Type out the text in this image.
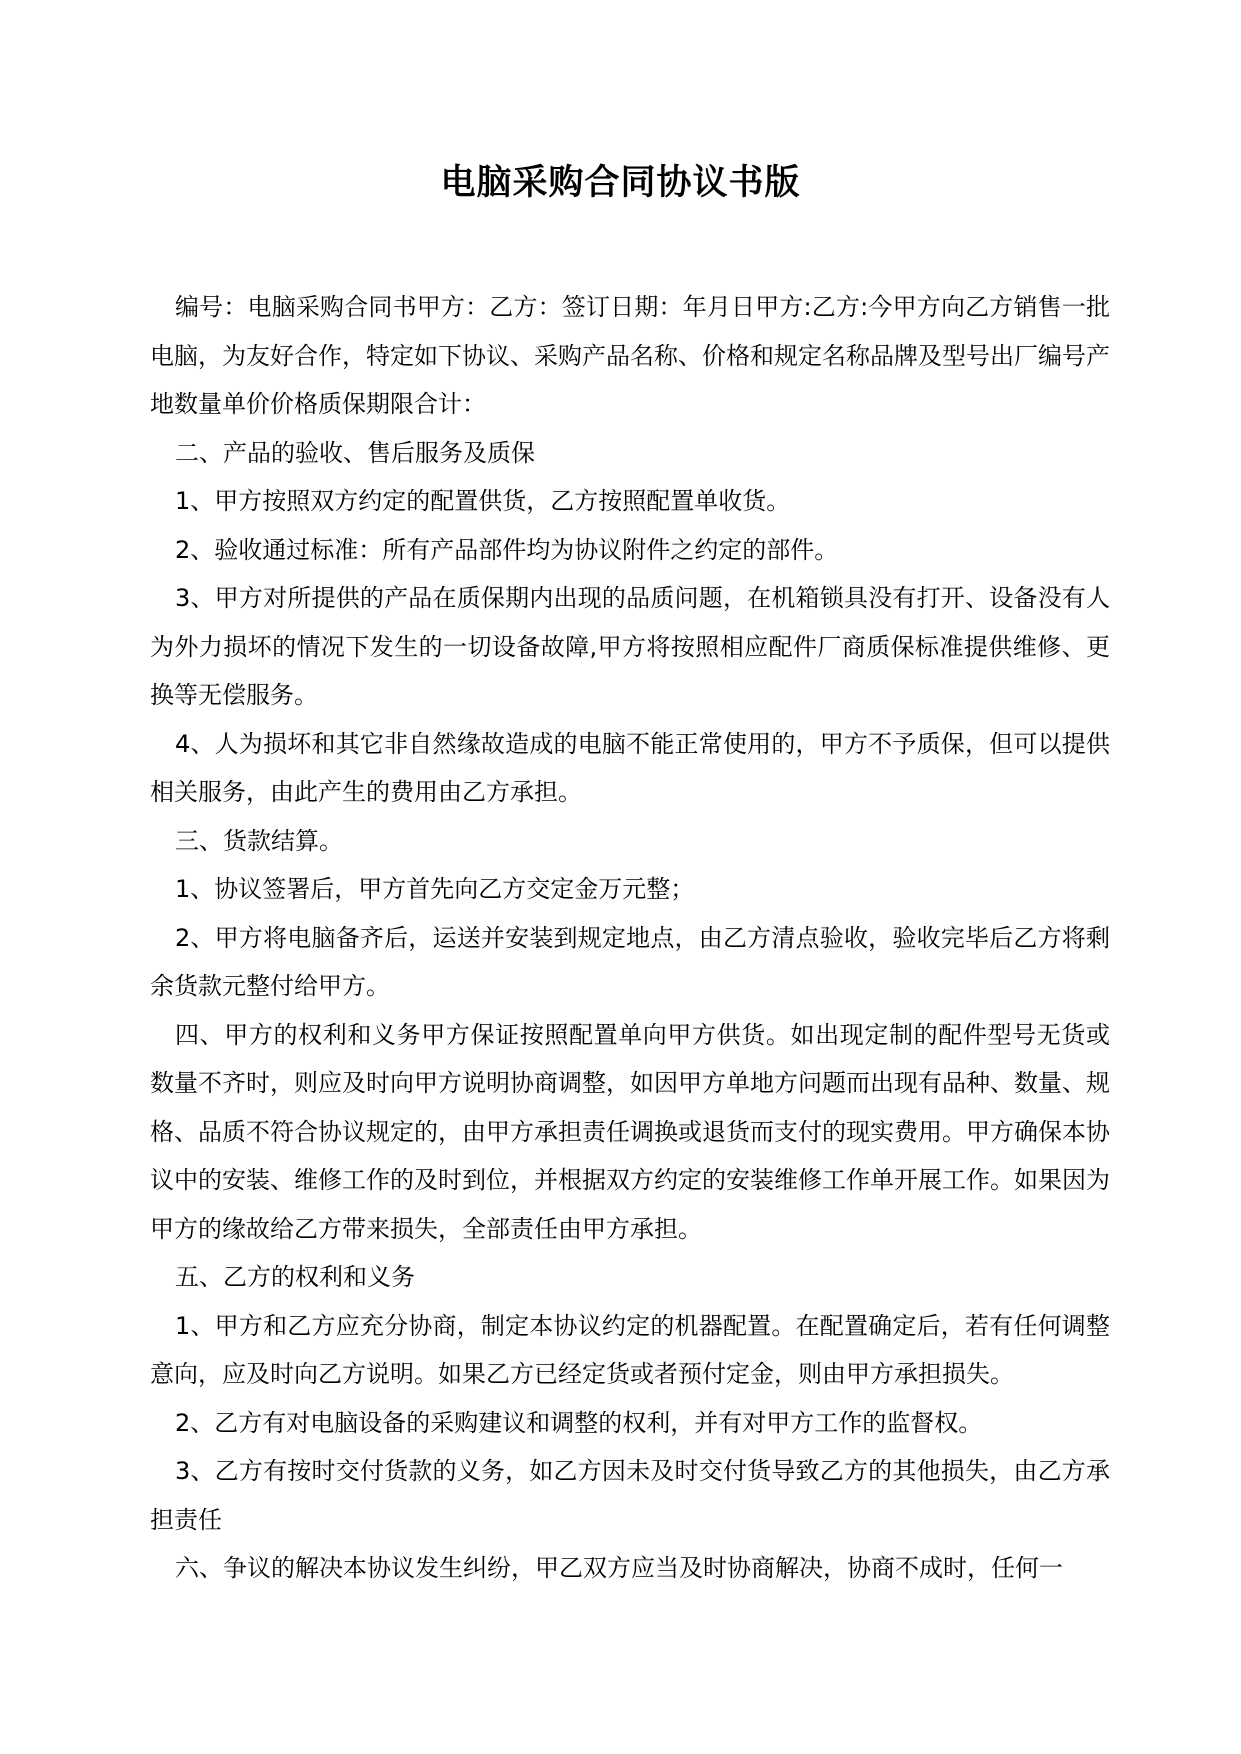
电脑采购合同协议书版

编号：电脑采购合同书甲方：乙方：签订日期：年月日甲方:乙方:今甲方向乙方销售一批电脑，为友好合作，特定如下协议、采购产品名称、价格和规定名称品牌及型号出厂编号产地数量单价价格质保期限合计：

二、产品的验收、售后服务及质保

1、甲方按照双方约定的配置供货，乙方按照配置单收货。

2、验收通过标准：所有产品部件均为协议附件之约定的部件。

3、甲方对所提供的产品在质保期内出现的品质问题，在机箱锁具没有打开、设备没有人为外力损坏的情况下发生的一切设备故障,甲方将按照相应配件厂商质保标准提供维修、更换等无偿服务。

4、人为损坏和其它非自然缘故造成的电脑不能正常使用的，甲方不予质保，但可以提供相关服务，由此产生的费用由乙方承担。

三、货款结算。

1、协议签署后，甲方首先向乙方交定金万元整；

2、甲方将电脑备齐后，运送并安装到规定地点，由乙方清点验收，验收完毕后乙方将剩余货款元整付给甲方。

四、甲方的权利和义务甲方保证按照配置单向甲方供货。如出现定制的配件型号无货或数量不齐时，则应及时向甲方说明协商调整，如因甲方单地方问题而出现有品种、数量、规格、品质不符合协议规定的，由甲方承担责任调换或退货而支付的现实费用。甲方确保本协议中的安装、维修工作的及时到位，并根据双方约定的安装维修工作单开展工作。如果因为甲方的缘故给乙方带来损失，全部责任由甲方承担。

五、乙方的权利和义务

1、甲方和乙方应充分协商，制定本协议约定的机器配置。在配置确定后，若有任何调整意向，应及时向乙方说明。如果乙方已经定货或者预付定金，则由甲方承担损失。

2、乙方有对电脑设备的采购建议和调整的权利，并有对甲方工作的监督权。

3、乙方有按时交付货款的义务，如乙方因未及时交付货导致乙方的其他损失，由乙方承担责任

六、争议的解决本协议发生纠纷，甲乙双方应当及时协商解决，协商不成时，任何一
